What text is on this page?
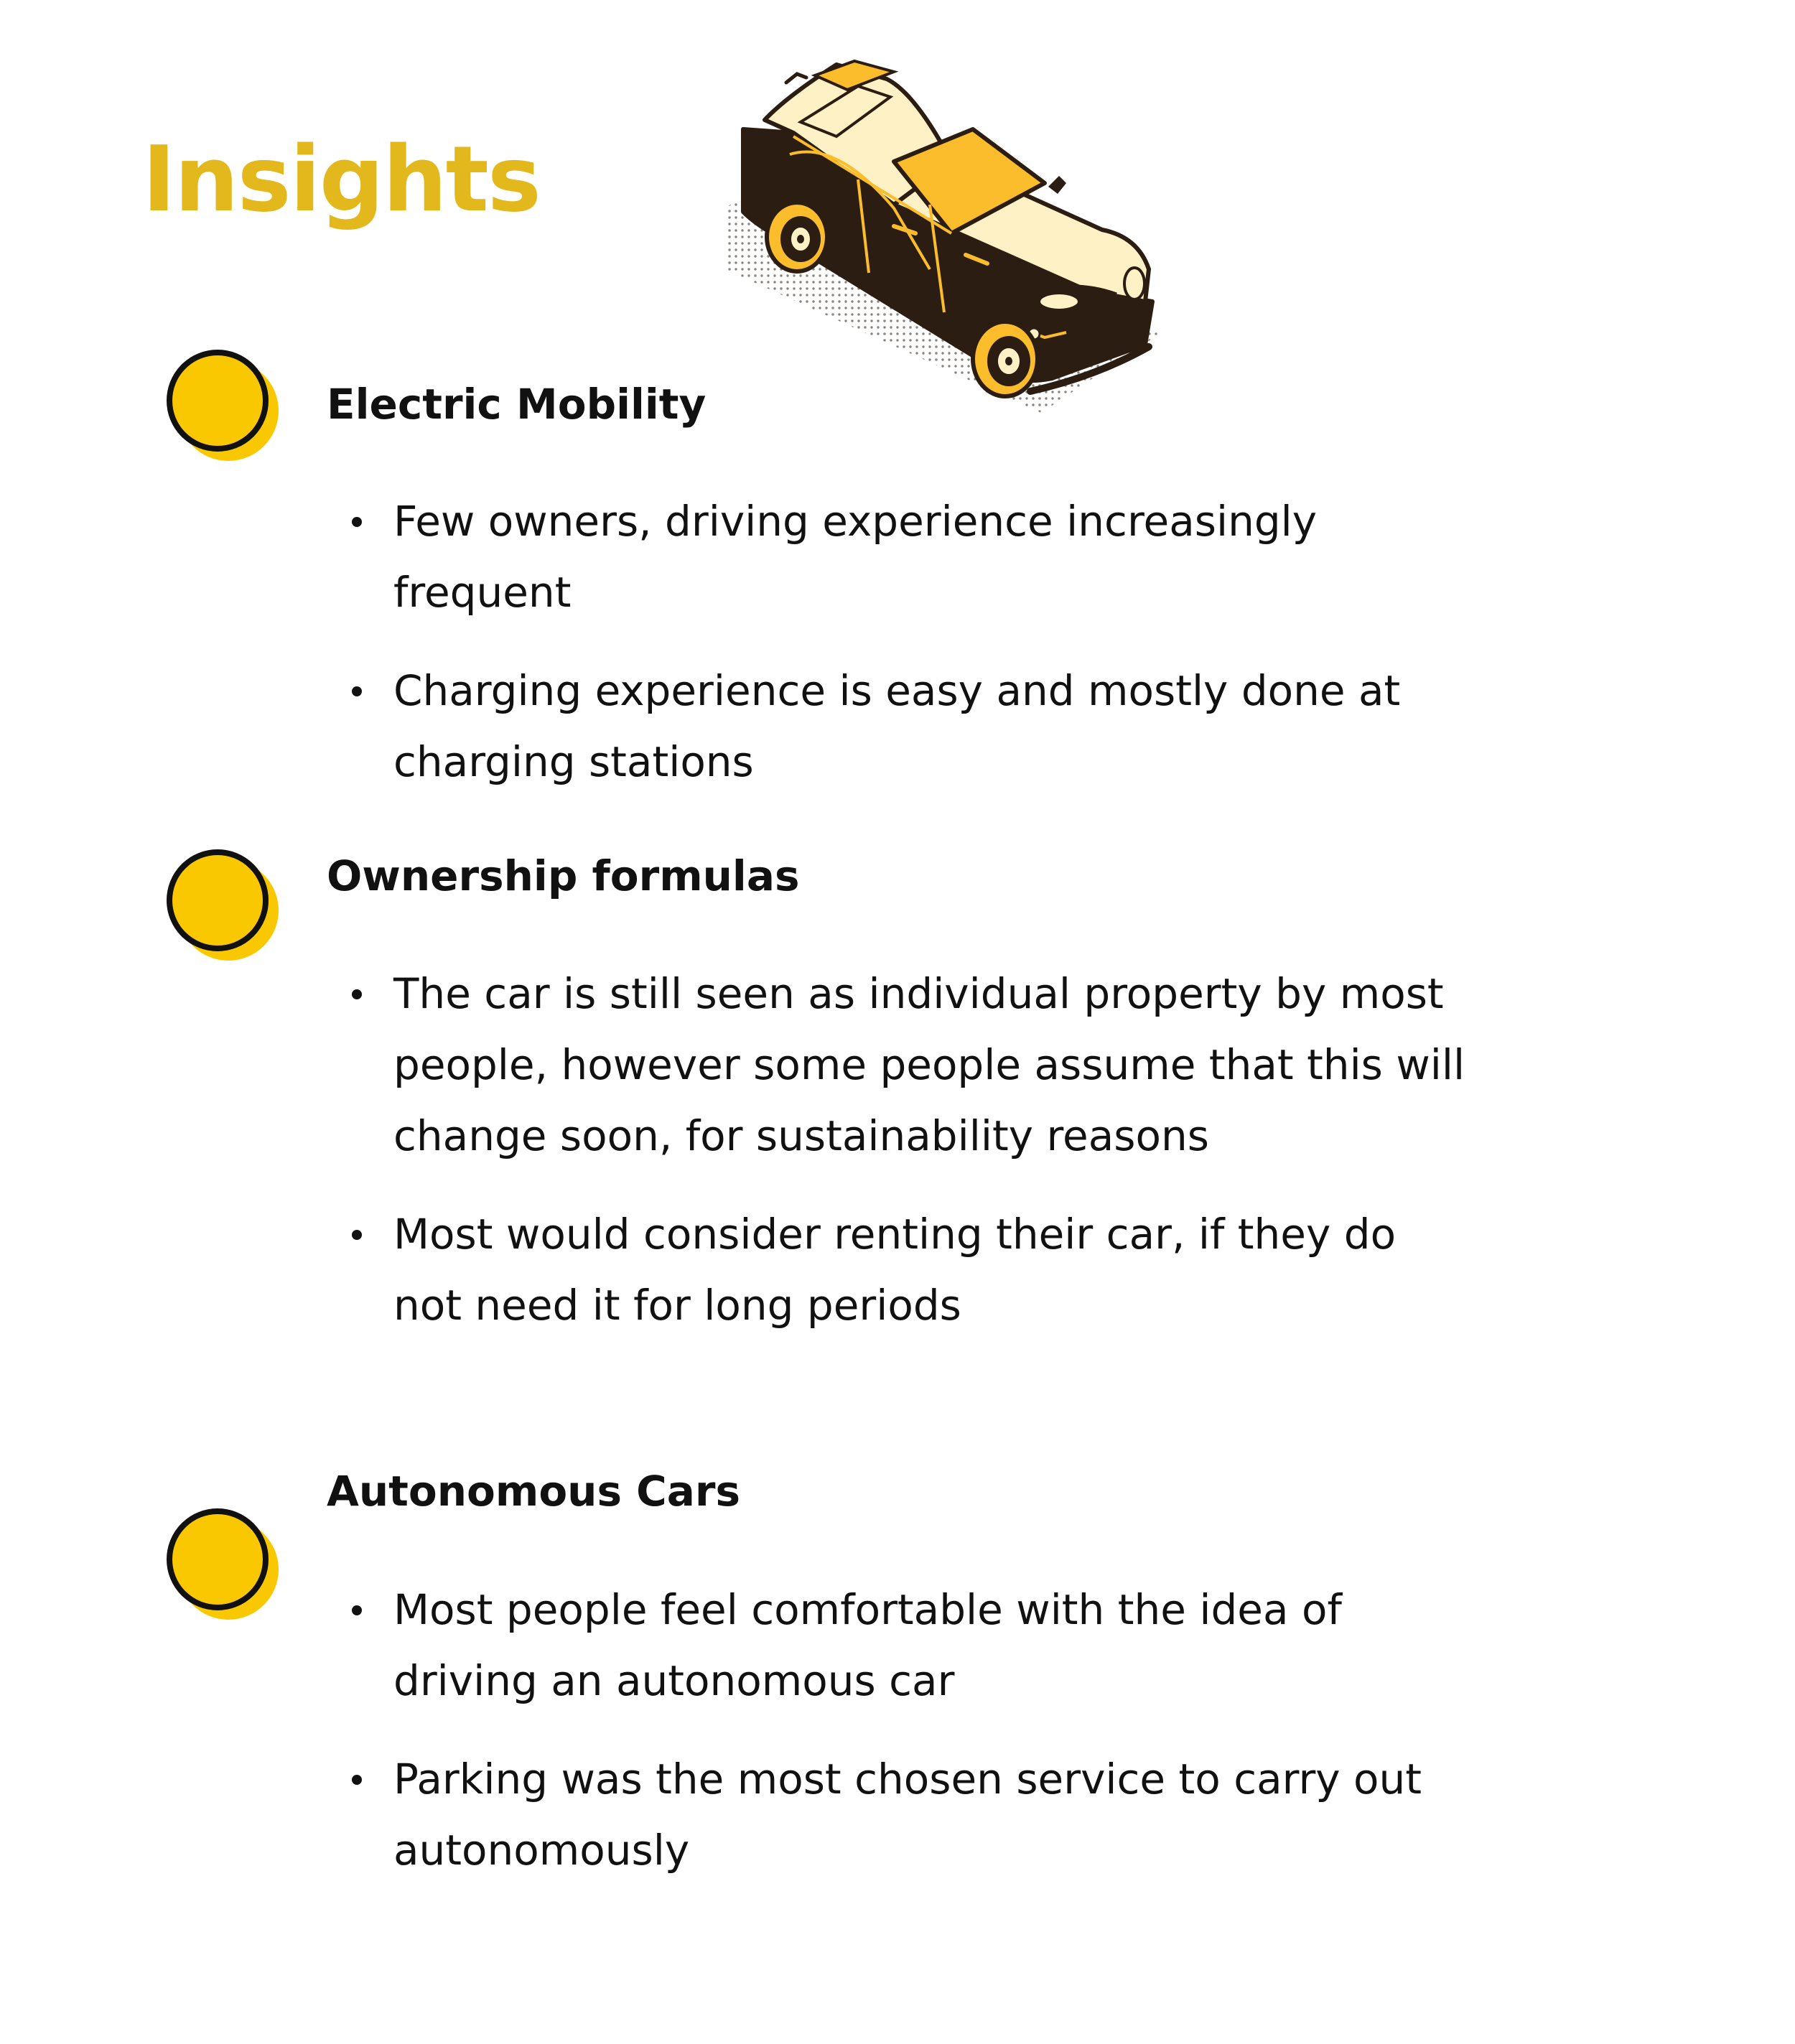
Insights
Electric Mobility
Few owners, driving experience increasingly frequent
Charging experience is easy and mostly done at charging stations
Ownership formulas
The car is still seen as individual property by most people, however some people assume that this will change soon, for sustainability reasons
Most would consider renting their car, if they do not need it for long periods
Autonomous Cars
Most people feel comfortable with the idea of driving an autonomous car
Parking was the most chosen service to carry out autonomously
